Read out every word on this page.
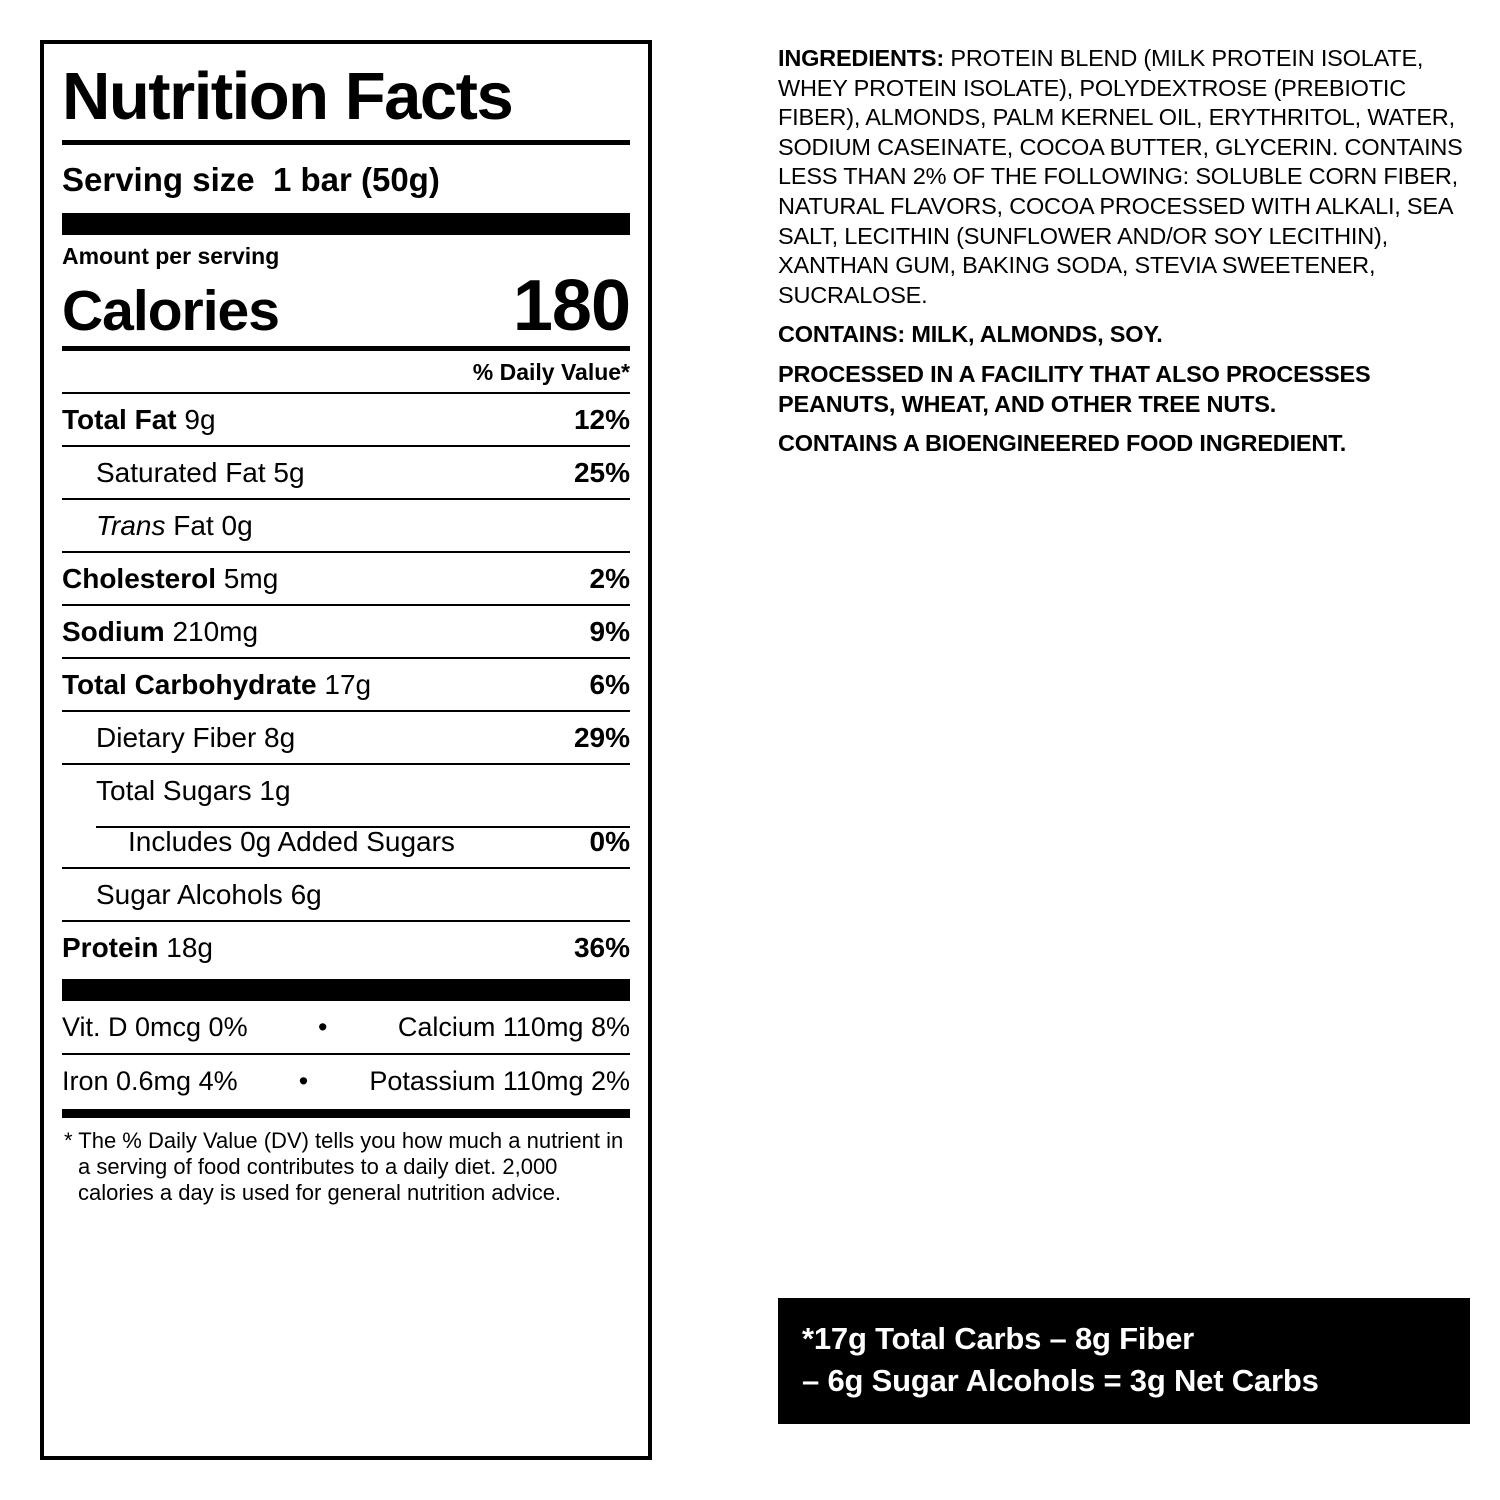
Nutrition Facts
Serving size 1 bar (50g)
Amount per serving
Calories	180
% Daily Value*
Total Fat 9g	12%
Saturated Fat 5g	25%
Trans Fat 0g
Cholesterol 5mg	2%
Sodium 210mg	9%
Total Carbohydrate 17g	6%
Dietary Fiber 8g	29%
Total Sugars 1g
Includes 0g Added Sugars	0%
Sugar Alcohols 6g
Protein 18g	36%
Vit. D 0mcg 0%	•	Calcium 110mg 8%
Iron 0.6mg 4% • Potassium 110mg 2%
* The % Daily Value (DV) tells you how much a nutrient in a serving of food contributes to a daily diet. 2,000 calories a day is used for general nutrition advice.
INGREDIENTS: PROTEIN BLEND (MILK PROTEIN ISOLATE, WHEY PROTEIN ISOLATE), POLYDEXTROSE (PREBIOTIC FIBER), ALMONDS, PALM KERNEL OIL, ERYTHRITOL, WATER, SODIUM CASEINATE, COCOA BUTTER, GLYCERIN. CONTAINS LESS THAN 2% OF THE FOLLOWING: SOLUBLE CORN FIBER, NATURAL FLAVORS, COCOA PROCESSED WITH ALKALI, SEA SALT, LECITHIN (SUNFLOWER AND/OR SOY LECITHIN), XANTHAN GUM, BAKING SODA, STEVIA SWEETENER, SUCRALOSE.
CONTAINS: MILK, ALMONDS, SOY.
PROCESSED IN A FACILITY THAT ALSO PROCESSES PEANUTS, WHEAT, AND OTHER TREE NUTS.
CONTAINS A BIOENGINEERED FOOD INGREDIENT.
*17g Total Carbs – 8g Fiber
– 6g Sugar Alcohols = 3g Net Carbs
